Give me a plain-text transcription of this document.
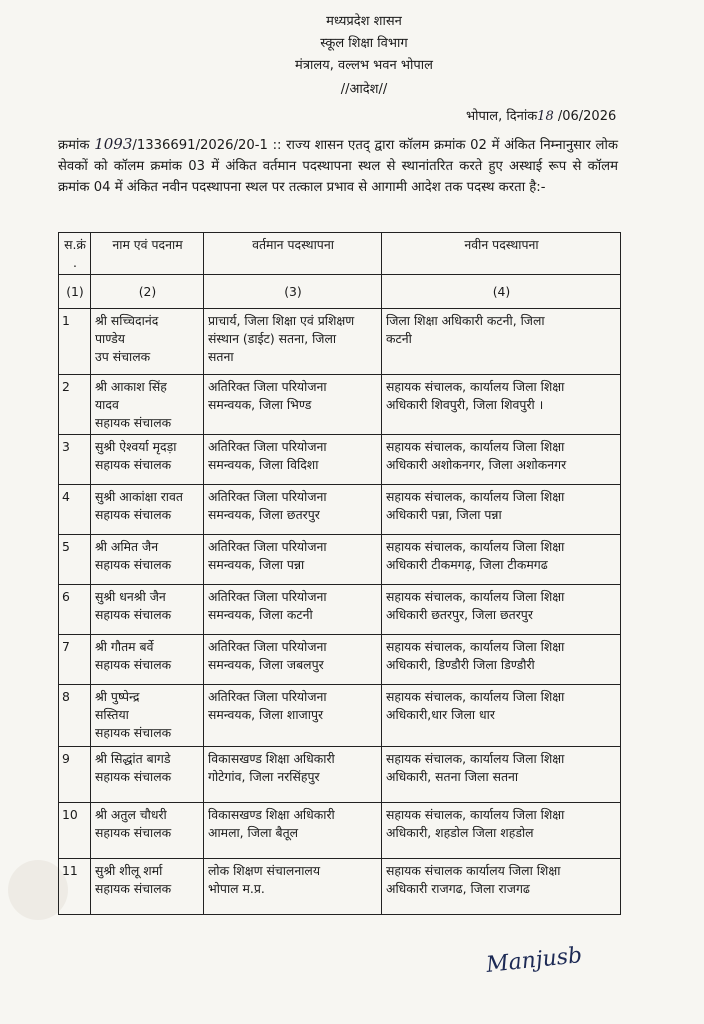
मध्यप्रदेश शासन
स्कूल शिक्षा विभाग
मंत्रालय, वल्लभ भवन भोपाल
//आदेश//
भोपाल, दिनांक18 /06/2026
क्रमांक 1093/1336691/2026/20-1 :: राज्य शासन एतद् द्वारा कॉलम क्रमांक 02 में अंकित निम्नानुसार लोक सेवकों को कॉलम क्रमांक 03 में अंकित वर्तमान पदस्थापना स्थल से स्थानांतरित करते हुए अस्थाई रूप से कॉलम क्रमांक 04 में अंकित नवीन पदस्थापना स्थल पर तत्काल प्रभाव से आगामी आदेश तक पदस्थ करता है:-
स.क्रं.	नाम एवं पदनाम	वर्तमान पदस्थापना	नवीन पदस्थापना
(1)	(2)	(3)	(4)
1	श्री सच्चिदानंद
पाण्डेय
उप संचालक	प्राचार्य, जिला शिक्षा एवं प्रशिक्षण
संस्थान (डाईट) सतना, जिला
सतना	जिला शिक्षा अधिकारी कटनी, जिला
कटनी

2	श्री आकाश सिंह
यादव
सहायक संचालक	अतिरिक्त जिला परियोजना
समन्वयक, जिला भिण्ड	सहायक संचालक, कार्यालय जिला शिक्षा
अधिकारी शिवपुरी, जिला शिवपुरी ।

3	सुश्री ऐश्वर्या मृदड़ा
सहायक संचालक	अतिरिक्त जिला परियोजना
समन्वयक, जिला विदिशा	सहायक संचालक, कार्यालय जिला शिक्षा
अधिकारी अशोकनगर, जिला अशोकनगर

4	सुश्री आकांक्षा रावत
सहायक संचालक	अतिरिक्त जिला परियोजना
समन्वयक, जिला छतरपुर	सहायक संचालक, कार्यालय जिला शिक्षा
अधिकारी पन्ना, जिला पन्ना

5	श्री अमित जैन
सहायक संचालक	अतिरिक्त जिला परियोजना
समन्वयक, जिला पन्ना	सहायक संचालक, कार्यालय जिला शिक्षा
अधिकारी टीकमगढ़, जिला टीकमगढ

6	सुश्री धनश्री जैन
सहायक संचालक	अतिरिक्त जिला परियोजना
समन्वयक, जिला कटनी	सहायक संचालक, कार्यालय जिला शिक्षा
अधिकारी छतरपुर, जिला छतरपुर

7	श्री गौतम बर्वे
सहायक संचालक	अतिरिक्त जिला परियोजना
समन्वयक, जिला जबलपुर	सहायक संचालक, कार्यालय जिला शिक्षा
अधिकारी, डिण्डौरी जिला डिण्डौरी

8	श्री पुष्पेन्द्र
सस्तिया
सहायक संचालक	अतिरिक्त जिला परियोजना
समन्वयक, जिला शाजापुर	सहायक संचालक, कार्यालय जिला शिक्षा
अधिकारी,धार जिला धार

9	श्री सिद्धांत बागडे
सहायक संचालक	विकासखण्ड शिक्षा अधिकारी
गोटेगांव, जिला नरसिंहपुर	सहायक संचालक, कार्यालय जिला शिक्षा
अधिकारी, सतना जिला सतना

10	श्री अतुल चौधरी
सहायक संचालक	विकासखण्ड शिक्षा अधिकारी
आमला, जिला बैतूल	सहायक संचालक, कार्यालय जिला शिक्षा
अधिकारी, शहडोल जिला शहडोल

11	सुश्री शीलू शर्मा
सहायक संचालक	लोक शिक्षण संचालनालय
भोपाल म.प्र.	सहायक संचालक कार्यालय जिला शिक्षा
अधिकारी राजगढ, जिला राजगढ
Manjusb
